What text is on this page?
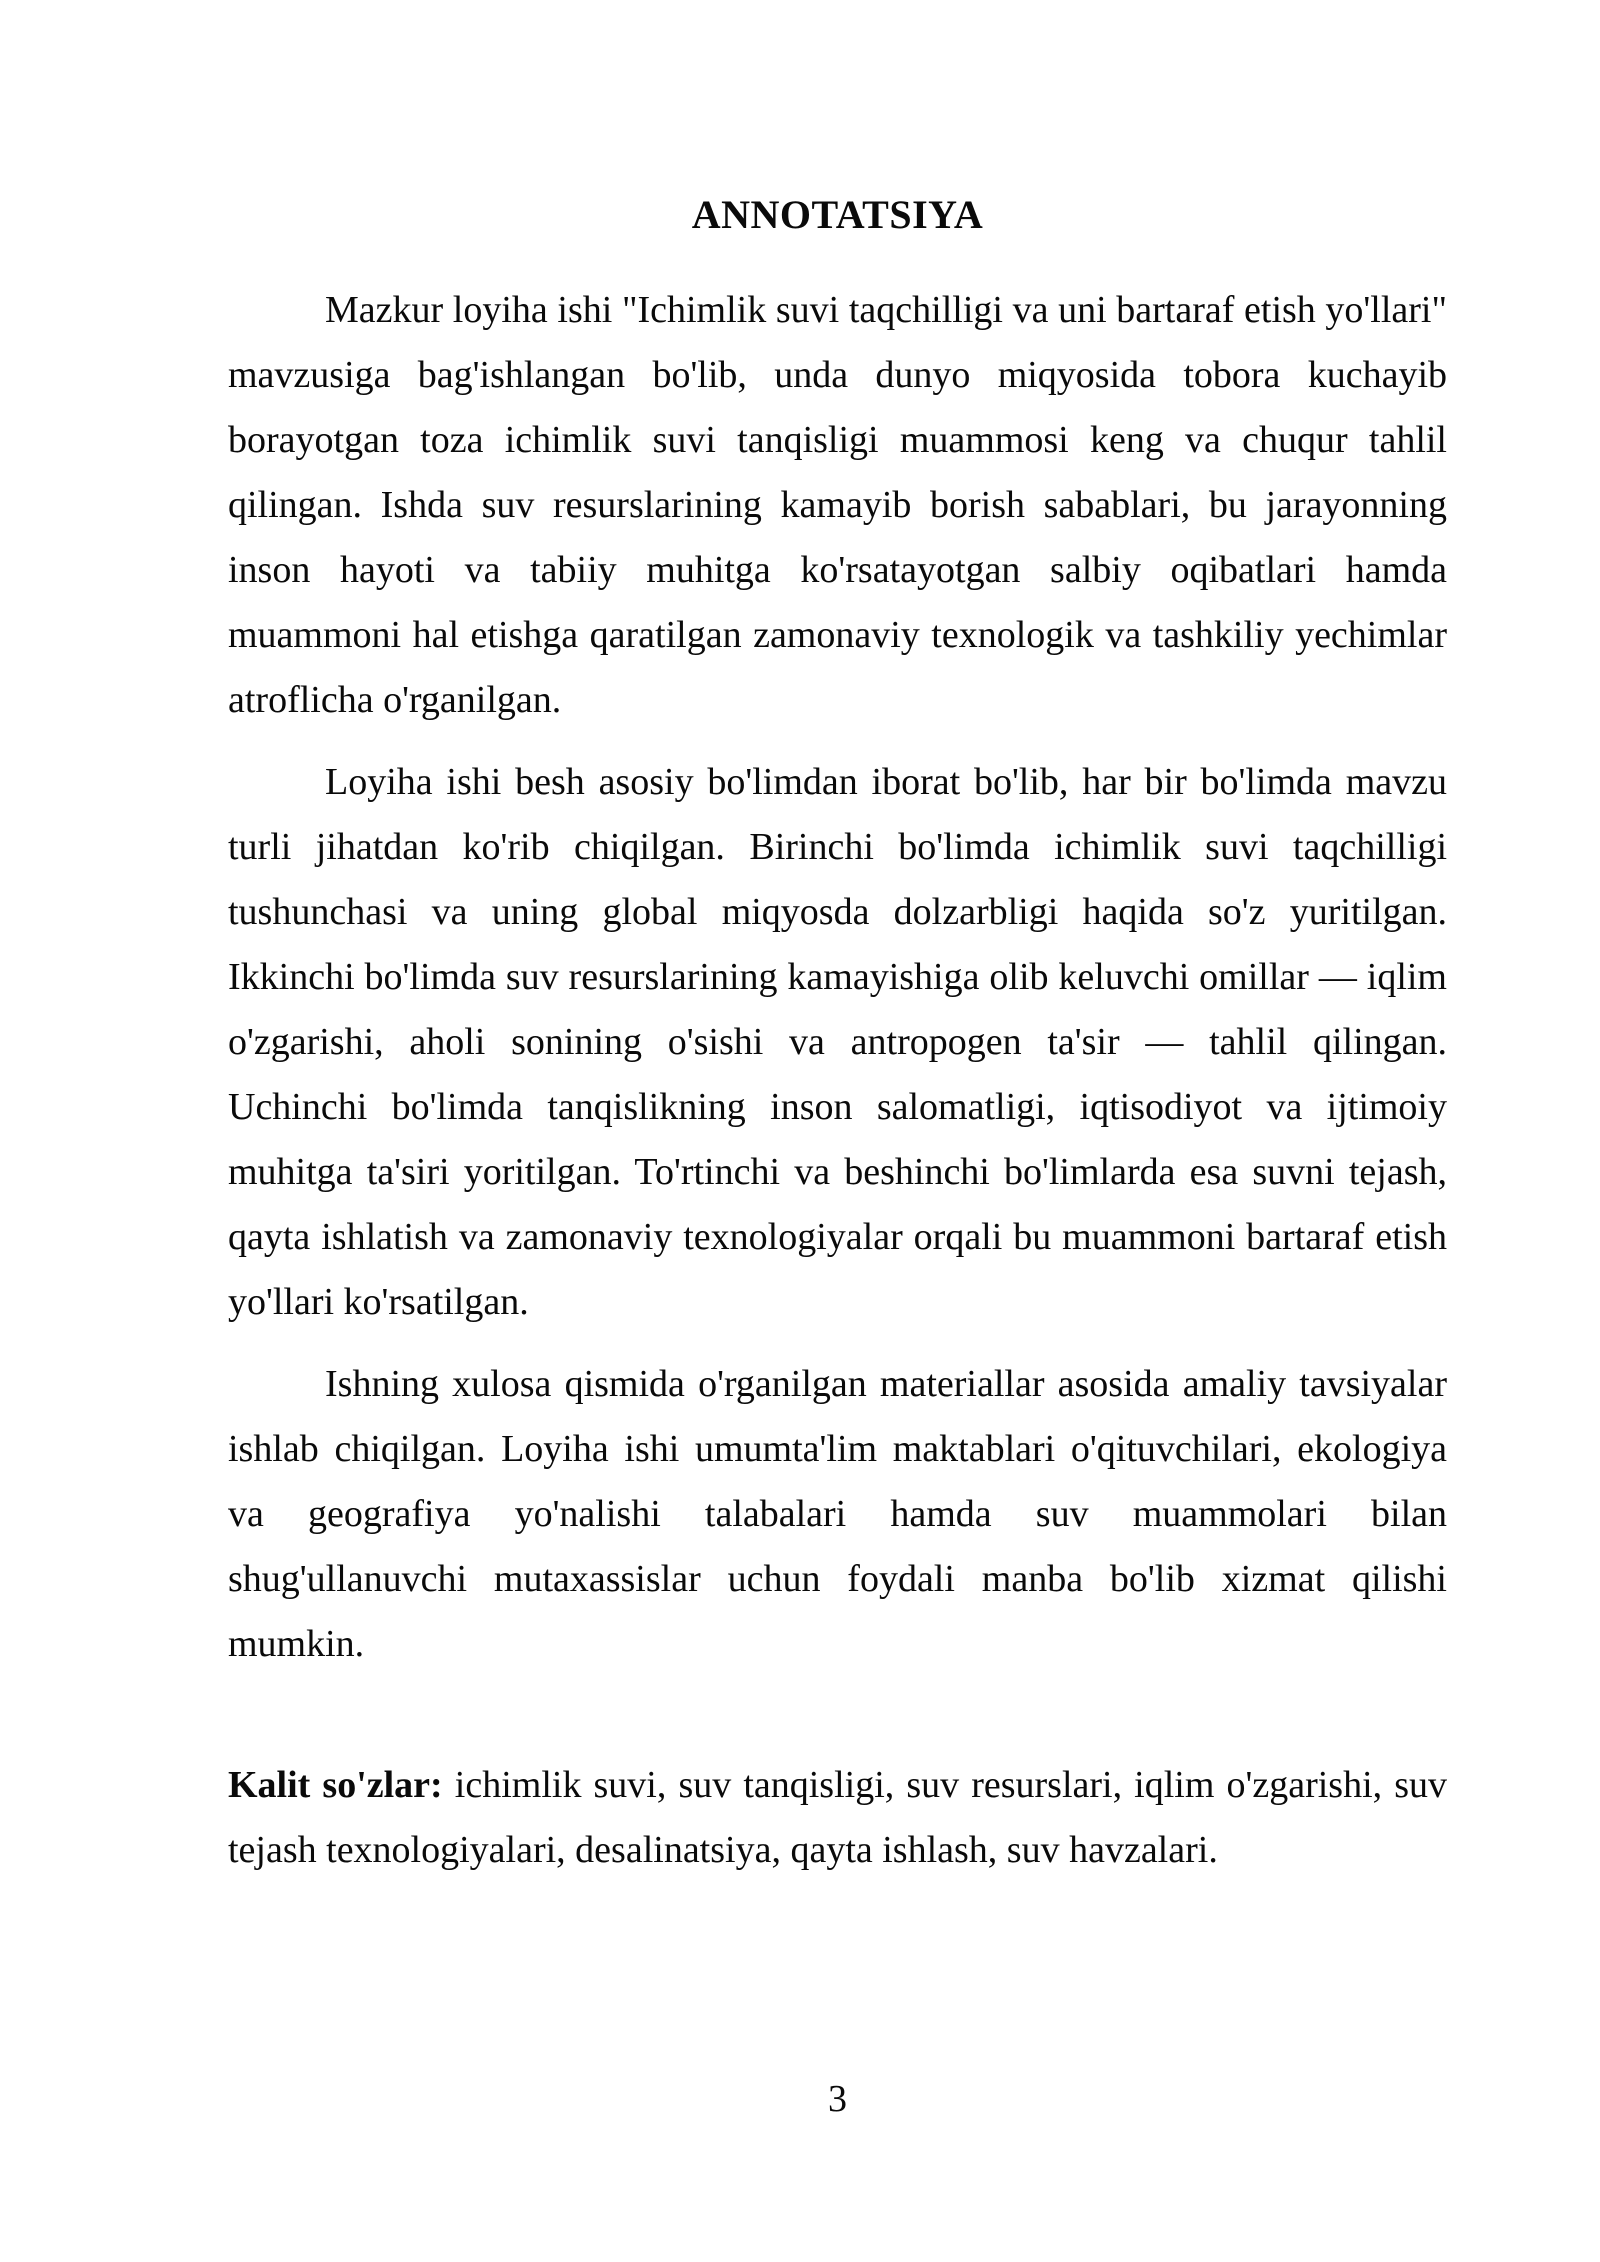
ANNOTATSIYA

Mazkur loyiha ishi "Ichimlik suvi taqchilligi va uni bartaraf etish yo'llari" mavzusiga bag'ishlangan bo'lib, unda dunyo miqyosida tobora kuchayib borayotgan toza ichimlik suvi tanqisligi muammosi keng va chuqur tahlil qilingan. Ishda suv resurslarining kamayib borish sabablari, bu jarayonning inson hayoti va tabiiy muhitga ko'rsatayotgan salbiy oqibatlari hamda muammoni hal etishga qaratilgan zamonaviy texnologik va tashkiliy yechimlar atroflicha o'rganilgan.

Loyiha ishi besh asosiy bo'limdan iborat bo'lib, har bir bo'limda mavzu turli jihatdan ko'rib chiqilgan. Birinchi bo'limda ichimlik suvi taqchilligi tushunchasi va uning global miqyosda dolzarbligi haqida so'z yuritilgan. Ikkinchi bo'limda suv resurslarining kamayishiga olib keluvchi omillar — iqlim o'zgarishi, aholi sonining o'sishi va antropogen ta'sir — tahlil qilingan. Uchinchi bo'limda tanqislikning inson salomatligi, iqtisodiyot va ijtimoiy muhitga ta'siri yoritilgan. To'rtinchi va beshinchi bo'limlarda esa suvni tejash, qayta ishlatish va zamonaviy texnologiyalar orqali bu muammoni bartaraf etish yo'llari ko'rsatilgan.

Ishning xulosa qismida o'rganilgan materiallar asosida amaliy tavsiyalar ishlab chiqilgan. Loyiha ishi umumta'lim maktablari o'qituvchilari, ekologiya va geografiya yo'nalishi talabalari hamda suv muammolari bilan shug'ullanuvchi mutaxassislar uchun foydali manba bo'lib xizmat qilishi mumkin.

Kalit so'zlar: ichimlik suvi, suv tanqisligi, suv resurslari, iqlim o'zgarishi, suv tejash texnologiyalari, desalinatsiya, qayta ishlash, suv havzalari.

3
